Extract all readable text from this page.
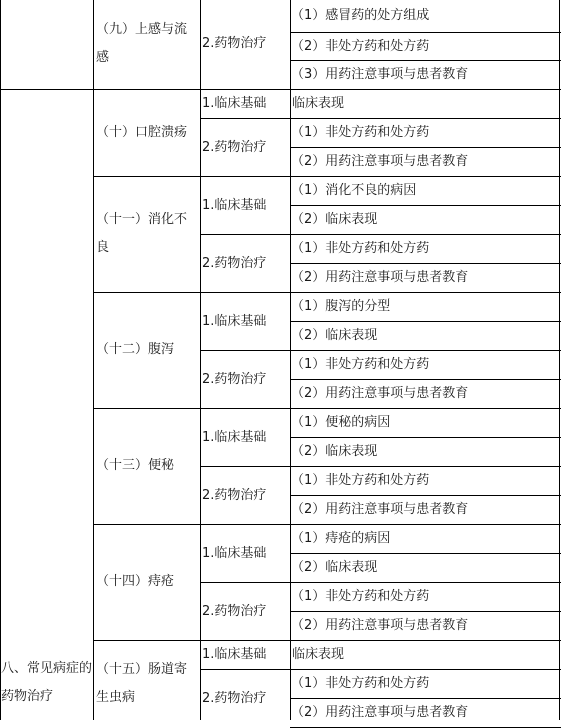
（1）感冒药的处方组成
（2）非处方药和处方药
（3）用药注意事项与患者教育
临床表现
（1）非处方药和处方药
（2）用药注意事项与患者教育
（1）消化不良的病因
（2）临床表现
（1）非处方药和处方药
（2）用药注意事项与患者教育
（1）腹泻的分型
（2）临床表现
（1）非处方药和处方药
（2）用药注意事项与患者教育
（1）便秘的病因
（2）临床表现
（1）非处方药和处方药
（2）用药注意事项与患者教育
（1）痔疮的病因
（2）临床表现
（1）非处方药和处方药
（2）用药注意事项与患者教育
临床表现
（1）非处方药和处方药
（2）用药注意事项与患者教育
2.药物治疗
1.临床基础
2.药物治疗
1.临床基础
2.药物治疗
1.临床基础
2.药物治疗
1.临床基础
2.药物治疗
1.临床基础
2.药物治疗
1.临床基础
2.药物治疗
（九）上感与流感
（十）口腔溃疡
（十一）消化不良
（十二）腹泻
（十三）便秘
（十四）痔疮
（十五）肠道寄生虫病
八、常见病症的药物治疗
